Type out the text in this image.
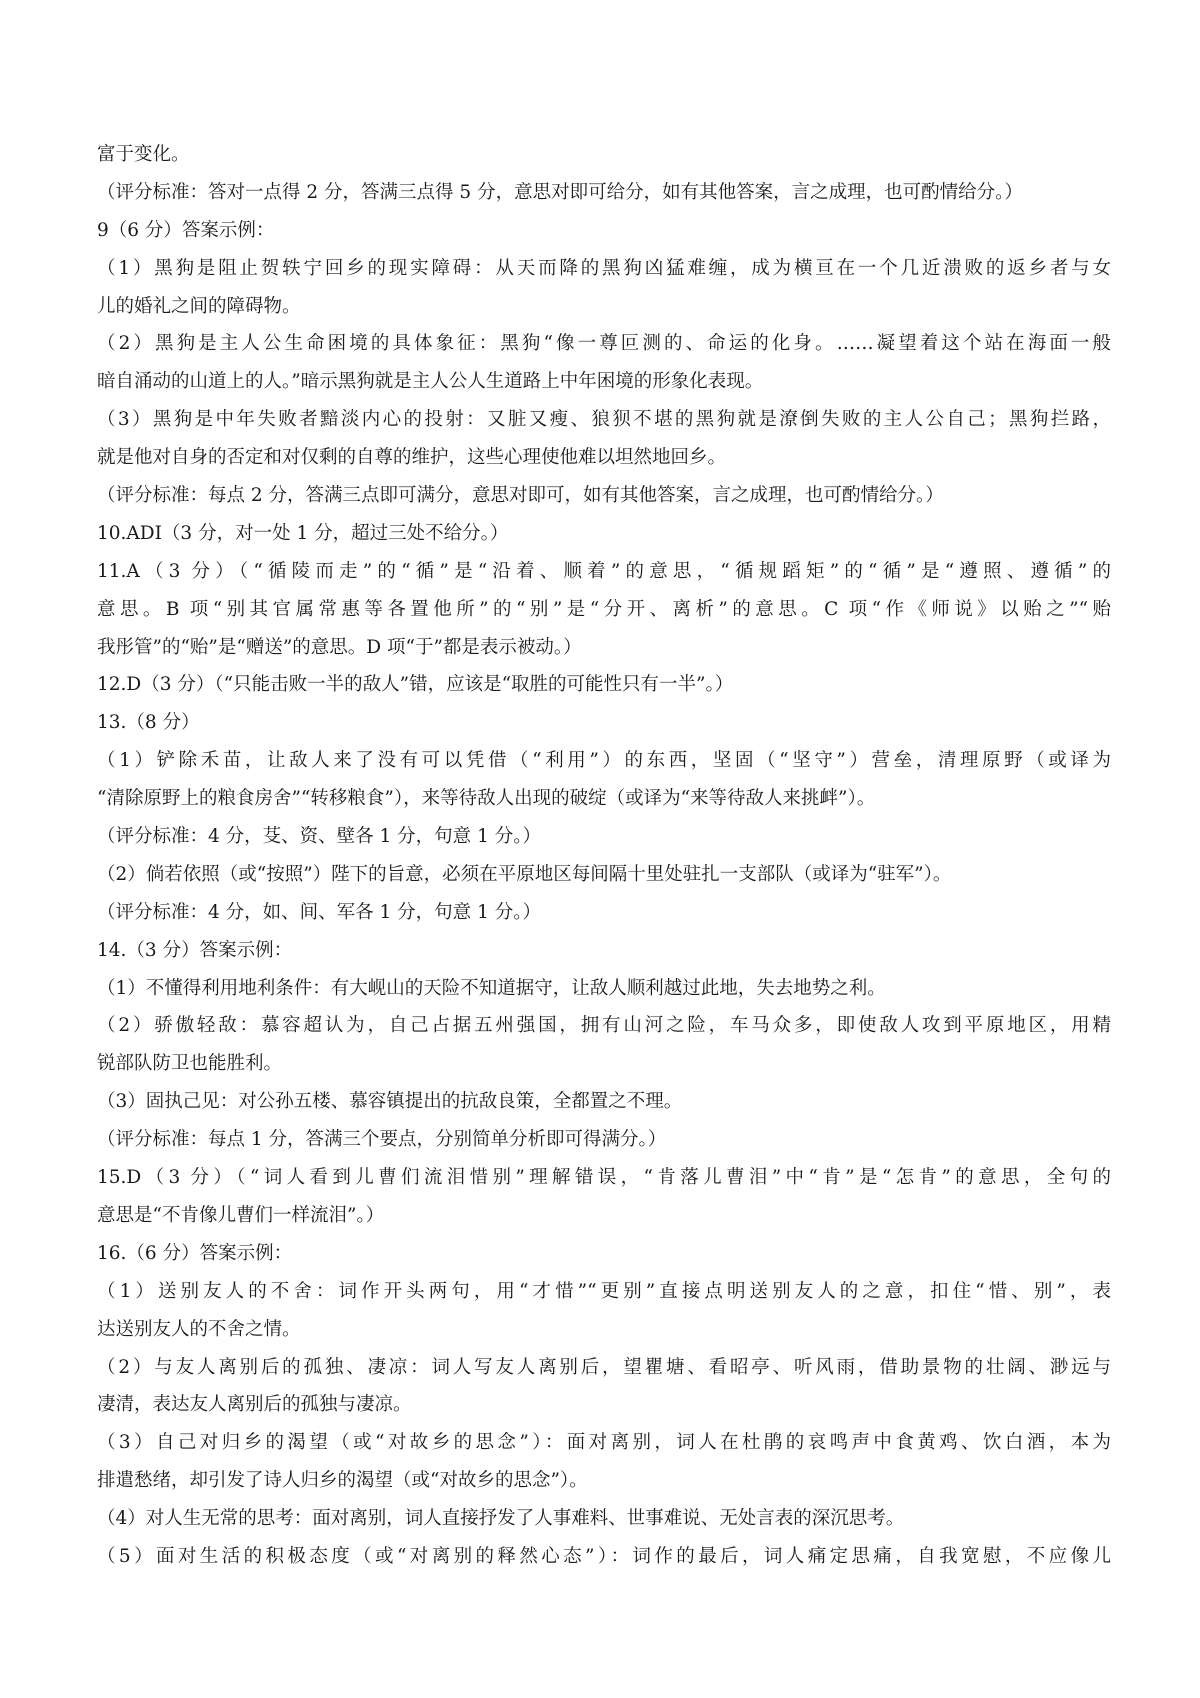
富于变化。
（评分标准：答对一点得 2 分，答满三点得 5 分，意思对即可给分，如有其他答案，言之成理，也可酌情给分。）
9（6 分）答案示例：
（1）黑狗是阻止贺轶宁回乡的现实障碍：从天而降的黑狗凶猛难缠，成为横亘在一个几近溃败的返乡者与女
儿的婚礼之间的障碍物。
（2）黑狗是主人公生命困境的具体象征：黑狗“像一尊叵测的、命运的化身。……凝望着这个站在海面一般
暗自涌动的山道上的人。”暗示黑狗就是主人公人生道路上中年困境的形象化表现。
（3）黑狗是中年失败者黯淡内心的投射：又脏又瘦、狼狈不堪的黑狗就是潦倒失败的主人公自己；黑狗拦路，
就是他对自身的否定和对仅剩的自尊的维护，这些心理使他难以坦然地回乡。
（评分标准：每点 2 分，答满三点即可满分，意思对即可，如有其他答案，言之成理，也可酌情给分。）
10.ADI（3 分，对一处 1 分，超过三处不给分。）
11.A（3 分）（“循陵而走”的“循”是“沿着、顺着”的意思，“循规蹈矩”的“循”是“遵照、遵循”的
意思。B 项“别其官属常惠等各置他所”的“别”是“分开、离析”的意思。C 项“作《师说》以贻之”“贻
我彤管”的“贻”是“赠送”的意思。D 项“于”都是表示被动。）
12.D（3 分）（“只能击败一半的敌人”错，应该是“取胜的可能性只有一半”。）
13.（8 分）
（1）铲除禾苗，让敌人来了没有可以凭借（“利用”）的东西，坚固（“坚守”）营垒，清理原野（或译为
“清除原野上的粮食房舍”“转移粮食”），来等待敌人出现的破绽（或译为“来等待敌人来挑衅”）。
（评分标准：4 分，芟、资、壁各 1 分，句意 1 分。）
（2）倘若依照（或“按照”）陛下的旨意，必须在平原地区每间隔十里处驻扎一支部队（或译为“驻军”）。
（评分标准：4 分，如、间、军各 1 分，句意 1 分。）
14.（3 分）答案示例：
（1）不懂得利用地利条件：有大岘山的天险不知道据守，让敌人顺利越过此地，失去地势之利。
（2）骄傲轻敌：慕容超认为，自己占据五州强国，拥有山河之险，车马众多，即使敌人攻到平原地区，用精
锐部队防卫也能胜利。
（3）固执己见：对公孙五楼、慕容镇提出的抗敌良策，全都置之不理。
（评分标准：每点 1 分，答满三个要点，分别简单分析即可得满分。）
15.D（3 分）（“词人看到儿曹们流泪惜别”理解错误，“肯落儿曹泪”中“肯”是“怎肯”的意思，全句的
意思是“不肯像儿曹们一样流泪”。）
16.（6 分）答案示例：
（1）送别友人的不舍：词作开头两句，用“才惜”“更别”直接点明送别友人的之意，扣住“惜、别”，表
达送别友人的不舍之情。
（2）与友人离别后的孤独、凄凉：词人写友人离别后，望瞿塘、看昭亭、听风雨，借助景物的壮阔、渺远与
凄清，表达友人离别后的孤独与凄凉。
（3）自己对归乡的渴望（或“对故乡的思念”）：面对离别，词人在杜鹃的哀鸣声中食黄鸡、饮白酒，本为
排遣愁绪，却引发了诗人归乡的渴望（或“对故乡的思念”）。
（4）对人生无常的思考：面对离别，词人直接抒发了人事难料、世事难说、无处言表的深沉思考。
（5）面对生活的积极态度（或“对离别的释然心态”）：词作的最后，词人痛定思痛，自我宽慰，不应像儿
